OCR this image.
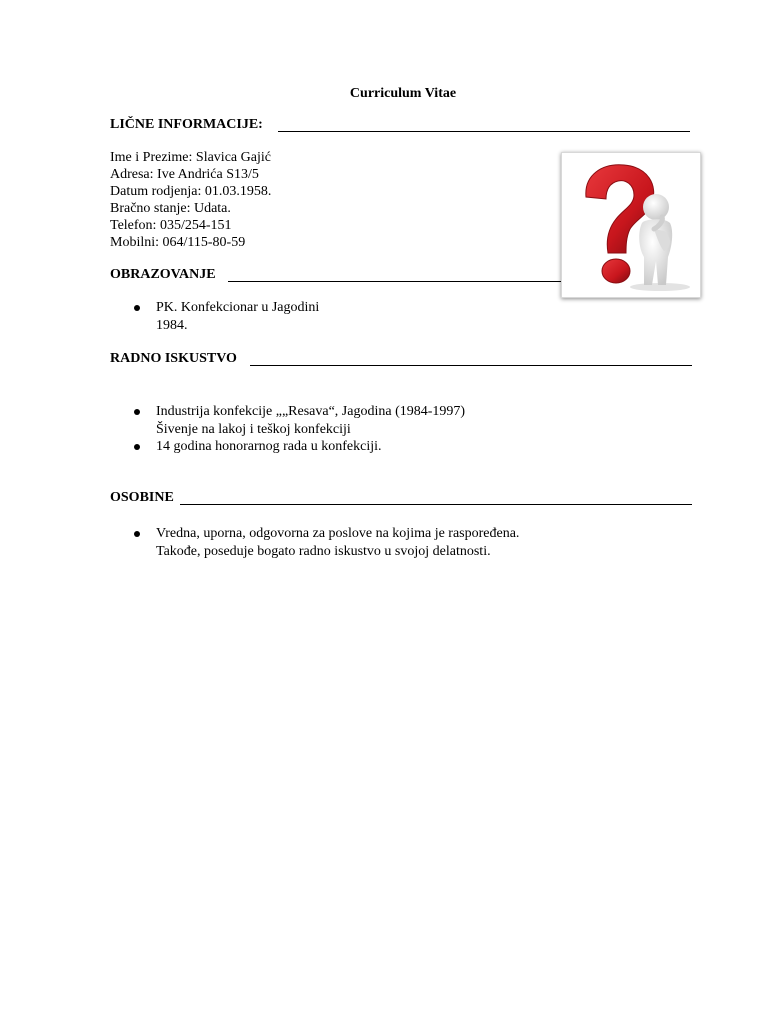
Curriculum Vitae
LIČNE INFORMACIJE:
Ime i Prezime: Slavica Gajić
Adresa: Ive Andrića S13/5
Datum rodjenja: 01.03.1958.
Bračno stanje: Udata.
Telefon: 035/254-151
Mobilni: 064/115-80-59
OBRAZOVANJE
PK. Konfekcionar u Jagodini
1984.
RADNO ISKUSTVO
Industrija konfekcije „„Resava“, Jagodina (1984-1997)
Šivenje na lakoj i teškoj konfekciji
14 godina honorarnog rada u konfekciji.
OSOBINE
Vredna, uporna, odgovorna za poslove na kojima je raspoređena.
Takođe, poseduje bogato radno iskustvo u svojoj delatnosti.
